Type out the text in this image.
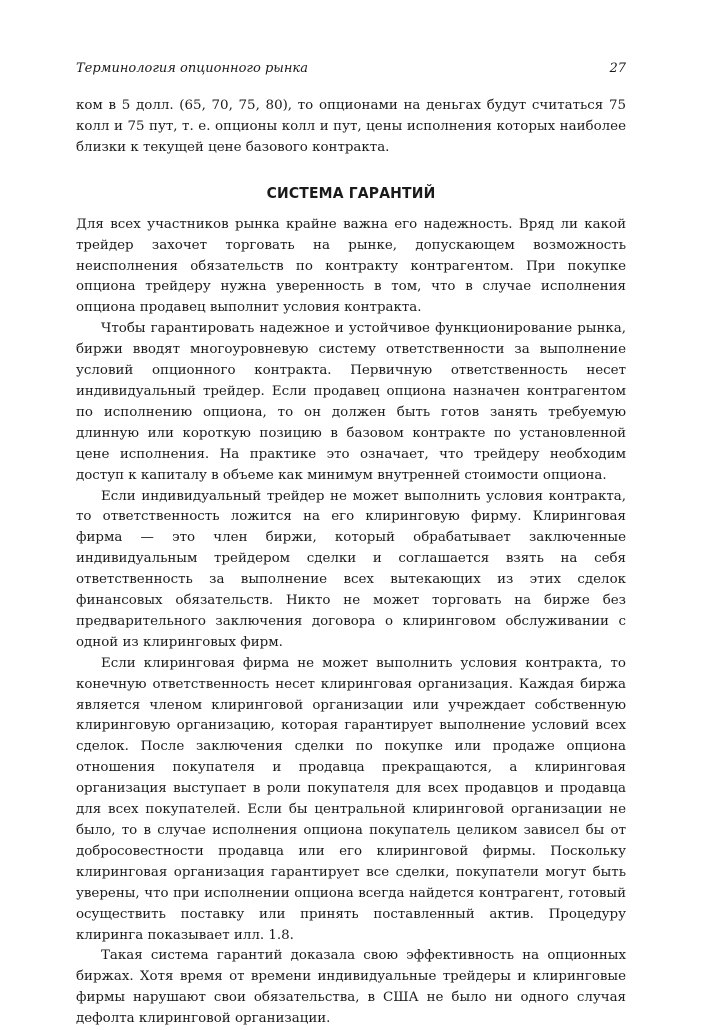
Терминология опционного рынка	27

ком в 5 долл. (65, 70, 75, 80), то опционами на деньгах будут считаться 75 колл и 75 пут, т. е. опционы колл и пут, цены исполнения которых наиболее близки к текущей цене базового контракта.

СИСТЕМА ГАРАНТИЙ

Для всех участников рынка крайне важна его надежность. Вряд ли какой трейдер захочет торговать на рынке, допускающем возможность неисполнения обязательств по контракту контрагентом. При покупке опциона трейдеру нужна уверенность в том, что в случае исполнения опциона продавец выполнит условия контракта.

Чтобы гарантировать надежное и устойчивое функционирование рынка, биржи вводят многоуровневую систему ответственности за выполнение условий опционного контракта. Первичную ответственность несет индивидуальный трейдер. Если продавец опциона назначен контрагентом по исполнению опциона, то он должен быть готов занять требуемую длинную или короткую позицию в базовом контракте по установленной цене исполнения. На практике это означает, что трейдеру необходим доступ к капиталу в объеме как минимум внутренней стоимости опциона.

Если индивидуальный трейдер не может выполнить условия контракта, то ответственность ложится на его клиринговую фирму. Клиринговая фирма — это член биржи, который обрабатывает заключенные индивидуальным трейдером сделки и соглашается взять на себя ответственность за выполнение всех вытекающих из этих сделок финансовых обязательств. Никто не может торговать на бирже без предварительного заключения договора о клиринговом обслуживании с одной из клиринговых фирм.

Если клиринговая фирма не может выполнить условия контракта, то конечную ответственность несет клиринговая организация. Каждая биржа является членом клиринговой организации или учреждает собственную клиринговую организацию, которая гарантирует выполнение условий всех сделок. После заключения сделки по покупке или продаже опциона отношения покупателя и продавца прекращаются, а клиринговая организация выступает в роли покупателя для всех продавцов и продавца для всех покупателей. Если бы центральной клиринговой организации не было, то в случае исполнения опциона покупатель целиком зависел бы от добросовестности продавца или его клиринговой фирмы. Поскольку клиринговая организация гарантирует все сделки, покупатели могут быть уверены, что при исполнении опциона всегда найдется контрагент, готовый осуществить поставку или принять поставленный актив. Процедуру клиринга показывает илл. 1.8.

Такая система гарантий доказала свою эффективность на опционных биржах. Хотя время от времени индивидуальные трейдеры и клиринговые фирмы нарушают свои обязательства, в США не было ни одного случая дефолта клиринговой организации.
